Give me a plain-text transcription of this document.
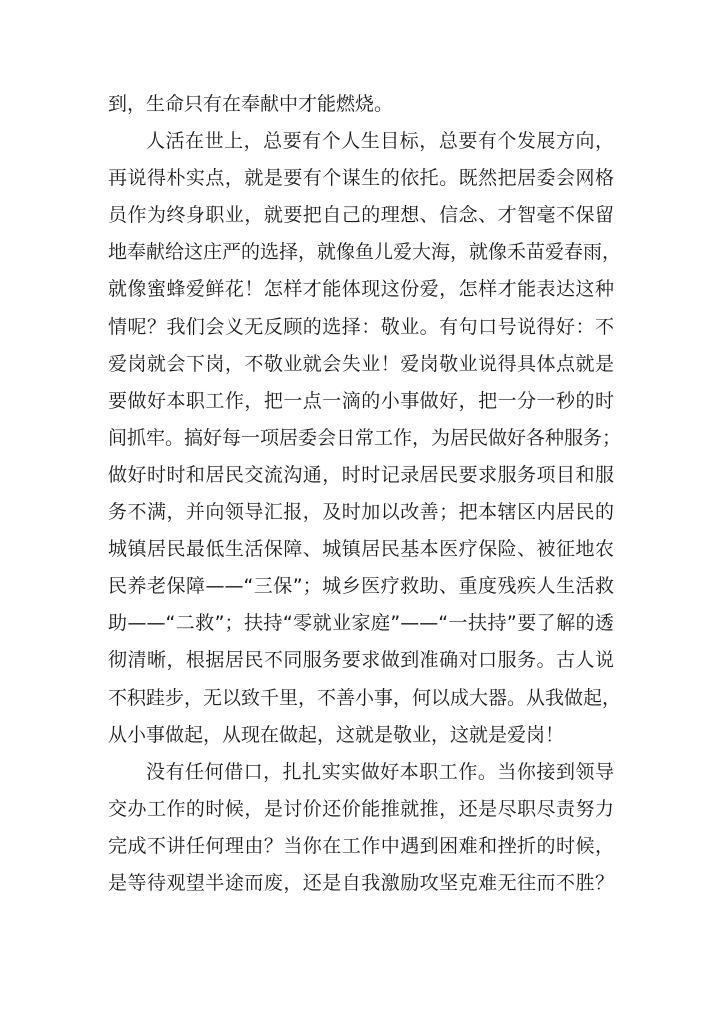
到，生命只有在奉献中才能燃烧。
人活在世上，总要有个人生目标，总要有个发展方向，
再说得朴实点，就是要有个谋生的依托。既然把居委会网格
员作为终身职业，就要把自己的理想、信念、才智毫不保留
地奉献给这庄严的选择，就像鱼儿爱大海，就像禾苗爱春雨，
就像蜜蜂爱鲜花！怎样才能体现这份爱，怎样才能表达这种
情呢？我们会义无反顾的选择：敬业。有句口号说得好：不
爱岗就会下岗，不敬业就会失业！爱岗敬业说得具体点就是
要做好本职工作，把一点一滴的小事做好，把一分一秒的时
间抓牢。搞好每一项居委会日常工作，为居民做好各种服务；
做好时时和居民交流沟通，时时记录居民要求服务项目和服
务不满，并向领导汇报，及时加以改善；把本辖区内居民的
城镇居民最低生活保障、城镇居民基本医疗保险、被征地农
民养老保障——“三保”；城乡医疗救助、重度残疾人生活救
助——“二救”；扶持“零就业家庭”——“一扶持”要了解的透
彻清晰，根据居民不同服务要求做到准确对口服务。古人说
不积跬步，无以致千里，不善小事，何以成大器。从我做起，
从小事做起，从现在做起，这就是敬业，这就是爱岗！
没有任何借口，扎扎实实做好本职工作。当你接到领导
交办工作的时候，是讨价还价能推就推，还是尽职尽责努力
完成不讲任何理由？当你在工作中遇到困难和挫折的时候，
是等待观望半途而废，还是自我激励攻坚克难无往而不胜？
